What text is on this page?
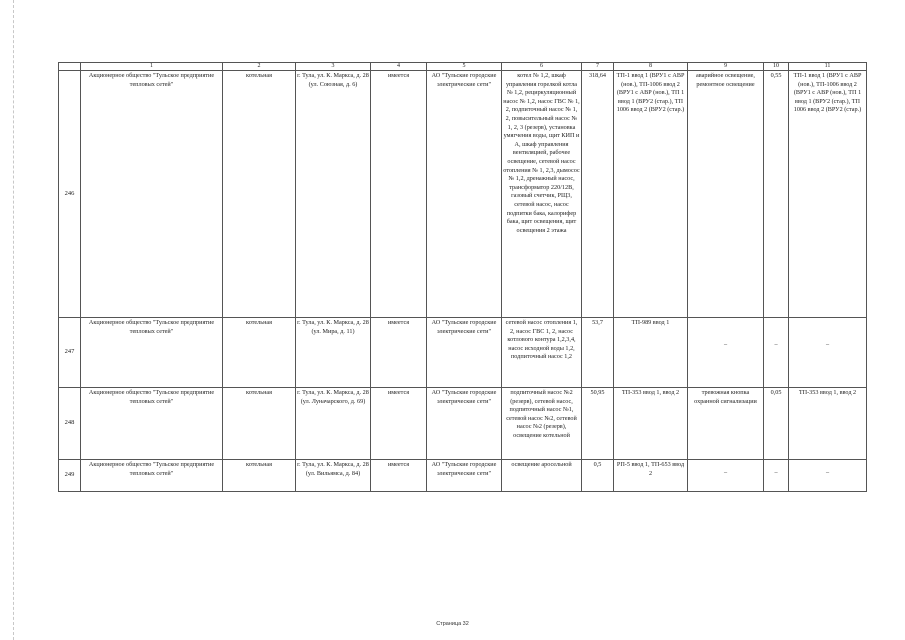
	1	2	3	4	5	6	7	8	9	10	11
246	Акционерное общество "Тульское предприятие тепловых сетей"	котельная	г. Тула, ул. К. Маркса, д. 28 (ул. Союзная, д. 6)	имеется	АО "Тульские городские электрические сети"	котел № 1,2, шкаф управления горелкой котла № 1,2, рециркуляционный насос № 1,2, насос ГВС № 1, 2, подпиточный насос № 1, 2, повысительный насос № 1, 2, 3 (резерв), установка умягчения воды, щит КИП и А, шкаф управления вентиляцией, рабочее освещение, сетевой насос отопления № 1, 2,3, дымосос № 1,2, дренажный насос, трансформатор 220/12В, газовый счетчик, РЩ3, сетевой насос, насос подпитки бака, калорифер бака, щит освещения, щит освещения 2 этажа	318,64	ТП-1 ввод 1 (ВРУ1 с АВР (нов.), ТП-1006 ввод 2 (ВРУ1 с АВР (нов.), ТП 1 ввод 1 (ВРУ2 (стар.), ТП 1006 ввод 2 (ВРУ2 (стар.)	аварийное освещение, ремонтное освещение	0,55	ТП-1 ввод 1 (ВРУ1 с АВР (нов.), ТП-1006 ввод 2 (ВРУ1 с АВР (нов.), ТП 1 ввод 1 (ВРУ2 (стар.), ТП 1006 ввод 2 (ВРУ2 (стар.)
247	Акционерное общество "Тульское предприятие тепловых сетей"	котельная	г. Тула, ул. К. Маркса, д. 28 (ул. Мира, д. 11)	имеется	АО "Тульские городские электрические сети"	сетевой насос отопления 1, 2, насос ГВС 1, 2, насос котлового контура 1,2,3,4, насос исходной воды 1,2, подпиточный насос 1,2	53,7	ТП-989 ввод 1	–	–	–
248	Акционерное общество "Тульское предприятие тепловых сетей"	котельная	г. Тула, ул. К. Маркса, д. 28 (ул. Луначарского, д. 69)	имеется	АО "Тульские городские электрические сети"	подпиточный насос №2 (резерв), сетевой насос, подпиточный насос №1, сетевой насос №2, сетевой насос №2 (резерв), освещение котельной	50,95	ТП-353 ввод 1, ввод 2	тревожная кнопка охранной сигнализации	0,05	ТП-353 ввод 1, ввод 2
249	Акционерное общество "Тульское предприятие тепловых сетей"	котельная	г. Тула, ул. К. Маркса, д. 28 (ул. Вильямса, д. 84)	имеется	АО "Тульские городские электрические сети"	освещение аросельной	0,5	РП-5 ввод 1, ТП-653 ввод 2	–	–	–
Страница 32
